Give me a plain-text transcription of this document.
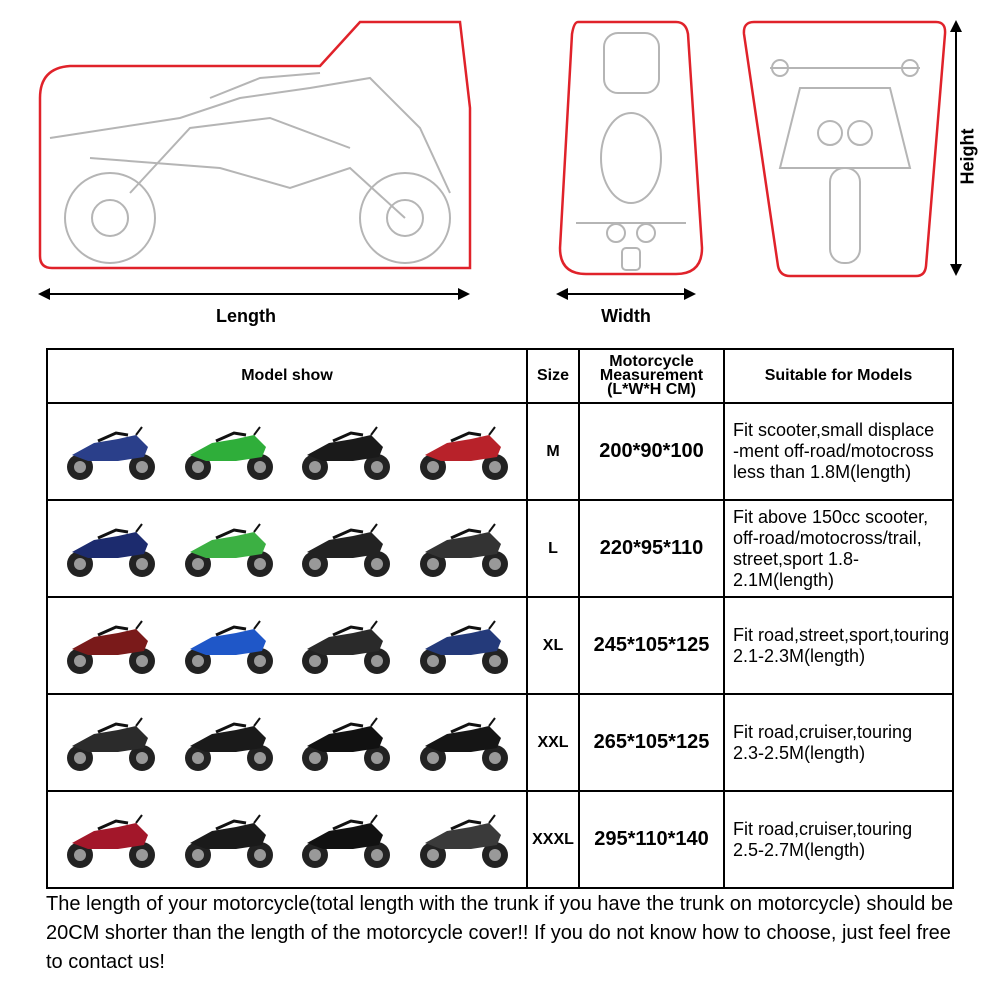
Length	Width
Height
Model show	Size	Motorcycle
Measurement
(L*W*H CM)	Suitable for Models

	M	200*90*100	Fit scooter,small displace
-ment off-road/motocross
less than 1.8M(length)

	L	220*95*110	Fit above 150cc scooter,
off-road/motocross/trail,
street,sport 1.8-2.1M(length)

	XL	245*105*125	Fit road,street,sport,touring
2.1-2.3M(length)

	XXL	265*105*125	Fit road,cruiser,touring
2.3-2.5M(length)

	XXXL	295*110*140	Fit road,cruiser,touring
2.5-2.7M(length)
The length of your motorcycle(total length with the trunk if you have the trunk on motorcycle) should be 20CM shorter than the length of the motorcycle cover!! If you do not know how to choose, just feel free to contact us!
